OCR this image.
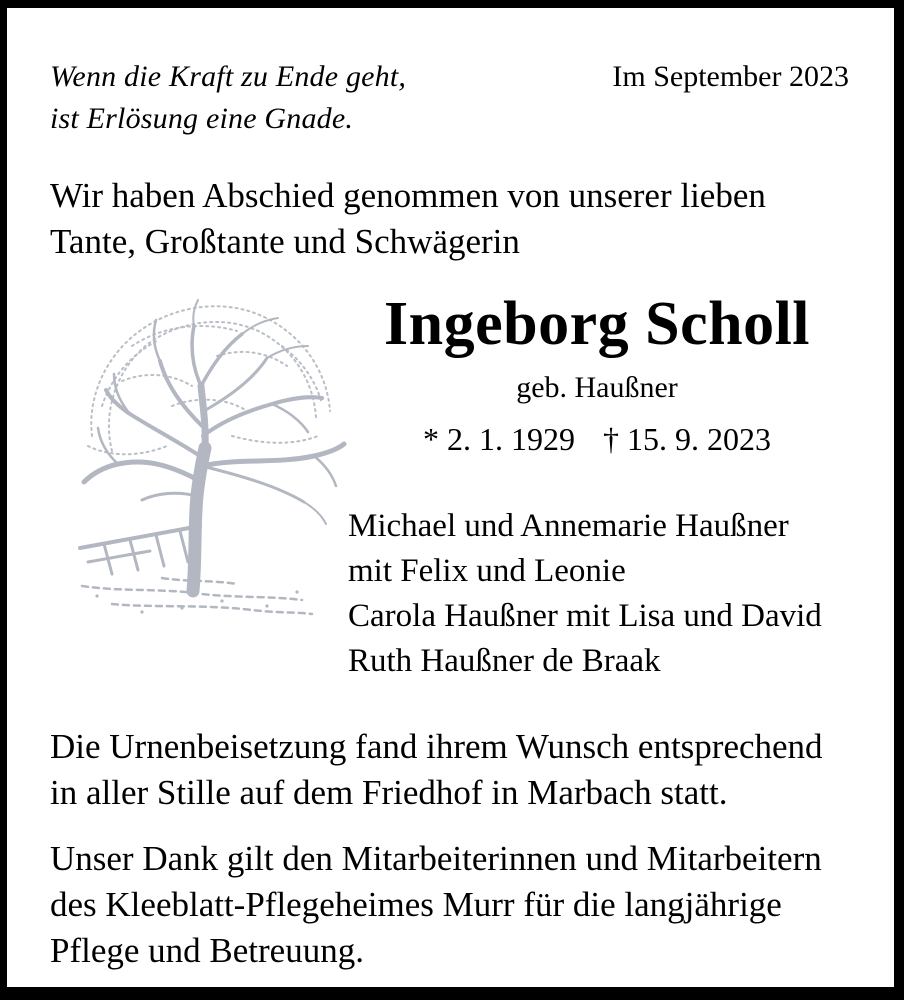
Wenn die Kraft zu Ende geht,
ist Erlösung eine Gnade.
Im September 2023
Wir haben Abschied genommen von unserer lieben
Tante, Großtante und Schwägerin
Ingeborg Scholl
geb. Haußner
* 2. 1. 1929 † 15. 9. 2023
Michael und Annemarie Haußner
mit Felix und Leonie
Carola Haußner mit Lisa und David
Ruth Haußner de Braak
Die Urnenbeisetzung fand ihrem Wunsch entsprechend
in aller Stille auf dem Friedhof in Marbach statt.
Unser Dank gilt den Mitarbeiterinnen und Mitarbeitern
des Kleeblatt-Pflegeheimes Murr für die langjährige
Pflege und Betreuung.
